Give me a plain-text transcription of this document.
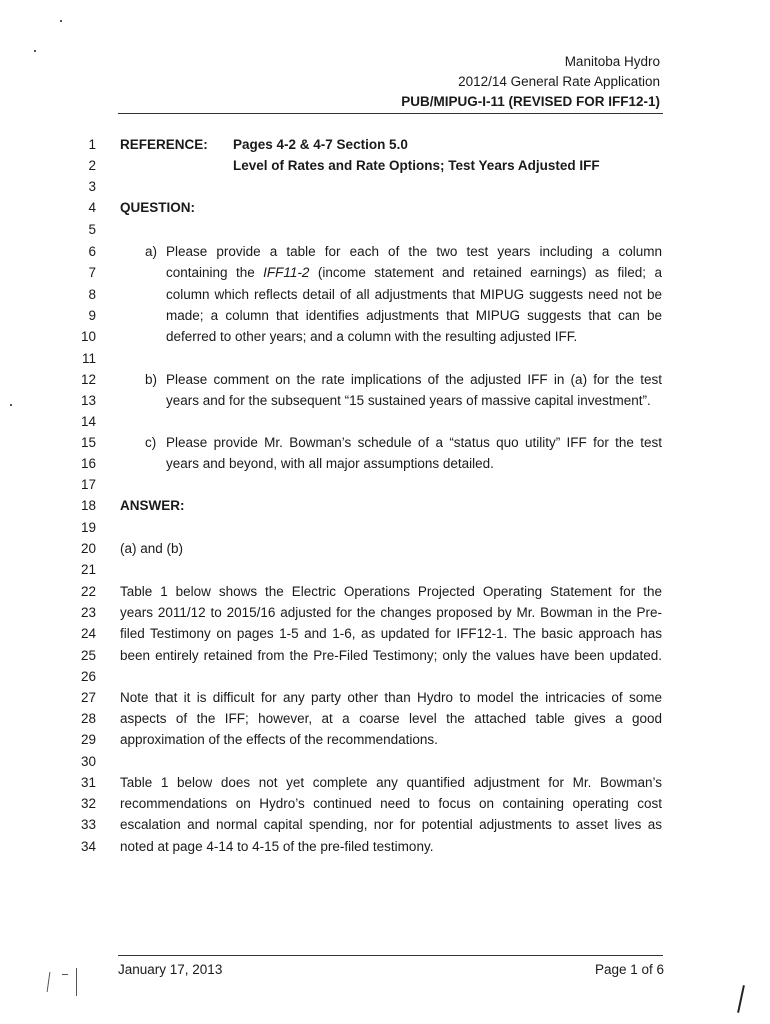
Manitoba Hydro
2012/14 General Rate Application
PUB/MIPUG-I-11 (REVISED FOR IFF12-1)
1
2
3
4
5
6
7
8
9
10
11
12
13
14
15
16
17
18
19
20
21
22
23
24
25
26
27
28
29
30
31
32
33
34
REFERENCE: Pages 4-2 & 4-7 Section 5.0
Level of Rates and Rate Options; Test Years Adjusted IFF
QUESTION:
a) Please provide a table for each of the two test years including a column
containing the IFF11-2 (income statement and retained earnings) as filed; a
column which reflects detail of all adjustments that MIPUG suggests need not be
made; a column that identifies adjustments that MIPUG suggests that can be
deferred to other years; and a column with the resulting adjusted IFF.
b) Please comment on the rate implications of the adjusted IFF in (a) for the test
years and for the subsequent “15 sustained years of massive capital investment”.
c) Please provide Mr. Bowman’s schedule of a “status quo utility” IFF for the test
years and beyond, with all major assumptions detailed.
ANSWER:
(a) and (b)
Table 1 below shows the Electric Operations Projected Operating Statement for the
years 2011/12 to 2015/16 adjusted for the changes proposed by Mr. Bowman in the Pre-
filed Testimony on pages 1-5 and 1-6, as updated for IFF12-1. The basic approach has
been entirely retained from the Pre-Filed Testimony; only the values have been updated.
Note that it is difficult for any party other than Hydro to model the intricacies of some
aspects of the IFF; however, at a coarse level the attached table gives a good
approximation of the effects of the recommendations.
Table 1 below does not yet complete any quantified adjustment for Mr. Bowman’s
recommendations on Hydro’s continued need to focus on containing operating cost
escalation and normal capital spending, nor for potential adjustments to asset lives as
noted at page 4-14 to 4-15 of the pre-filed testimony.
January 17, 2013	Page 1 of 6
